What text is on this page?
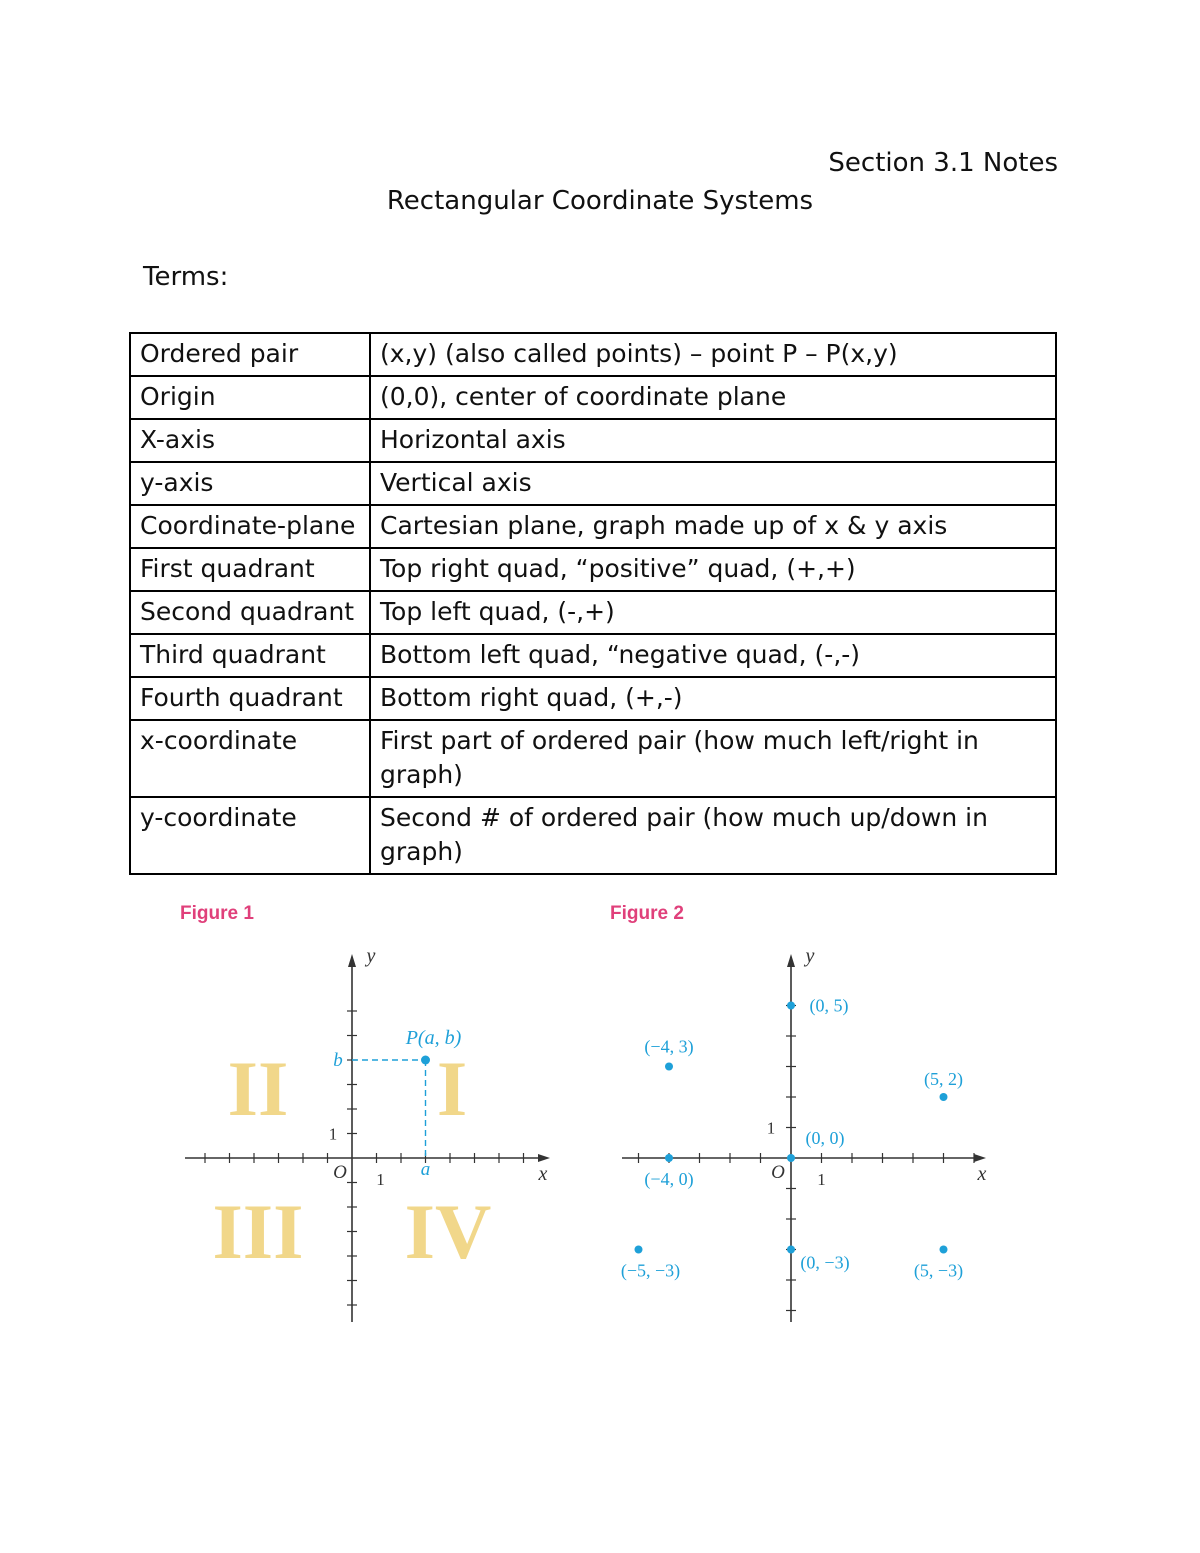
Section 3.1 Notes
Rectangular Coordinate Systems
Terms:
Ordered pair	(x,y) (also called points) – point P – P(x,y)
Origin	(0,0), center of coordinate plane
X-axis	Horizontal axis
y-axis	Vertical axis
Coordinate-plane	Cartesian plane, graph made up of x & y axis
First quadrant	Top right quad, “positive” quad, (+,+)
Second quadrant	Top left quad, (-,+)
Third quadrant	Bottom left quad, “negative quad, (-,-)
Fourth quadrant	Bottom right quad, (+,-)
x-coordinate	First part of ordered pair (how much left/right in graph)
y-coordinate	Second # of ordered pair (how much up/down in graph)
Figure 1
II I
III IV
P(a, b)
b
a
O 1
1
x
y
Figure 2
(0, 5)
(−4, 3)
(5, 2)
(0, 0)
(−4, 0)
(−5, −3)	(0, −3)	(5, −3)
O 1
1
x
y
